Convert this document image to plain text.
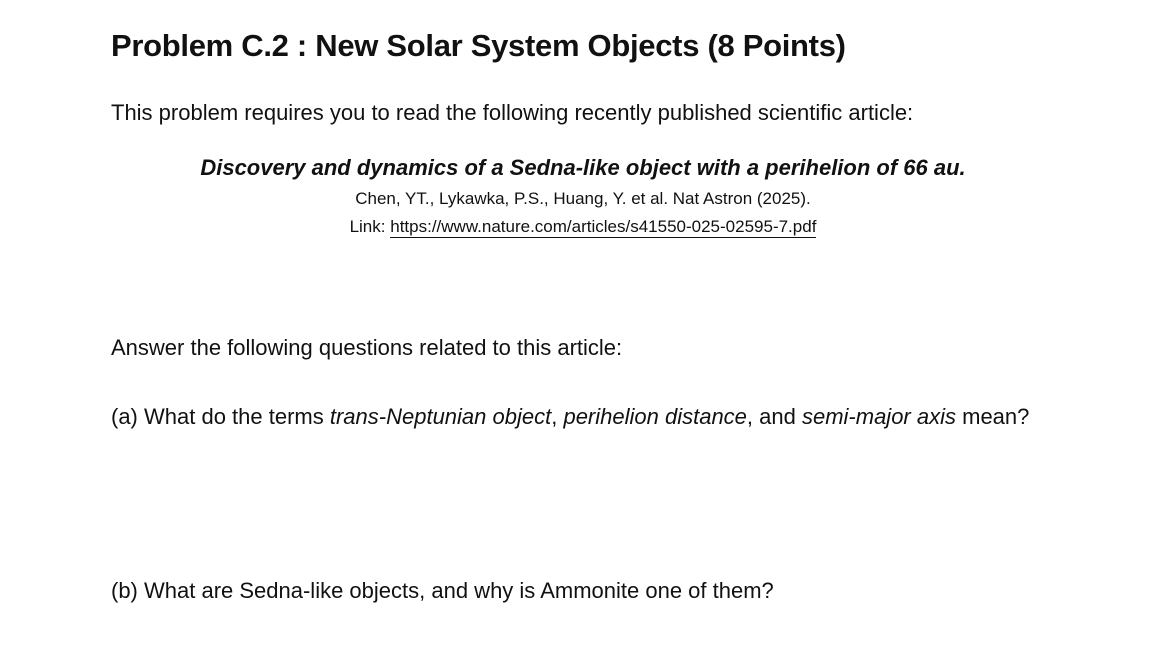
Problem C.2 : New Solar System Objects (8 Points)
This problem requires you to read the following recently published scientific article:
Discovery and dynamics of a Sedna-like object with a perihelion of 66 au.
Chen, YT., Lykawka, P.S., Huang, Y. et al. Nat Astron (2025).
Link: https://www.nature.com/articles/s41550-025-02595-7.pdf
Answer the following questions related to this article:
(a) What do the terms trans-Neptunian object, perihelion distance, and semi-major axis mean?
(b) What are Sedna-like objects, and why is Ammonite one of them?
